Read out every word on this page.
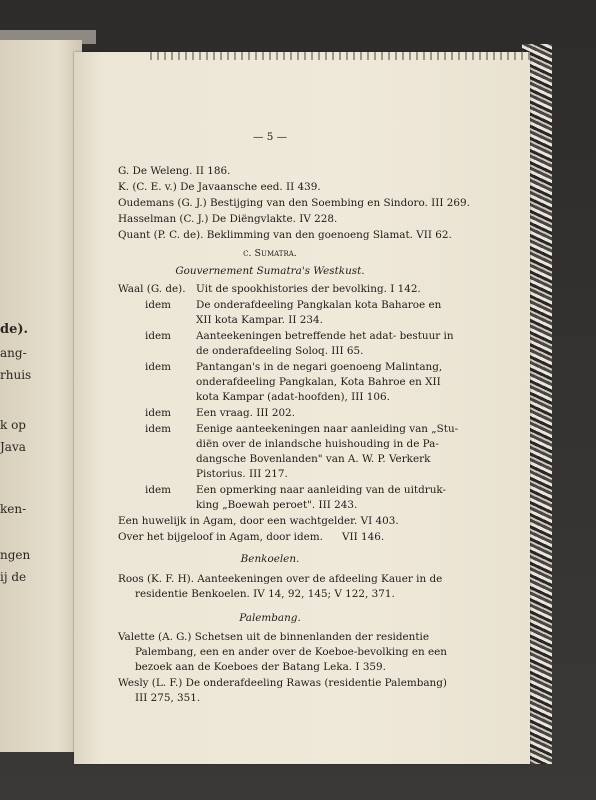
de).
ang-
rhuis
k op
Java
ken-
ngen
ij de
— 5 —
G. De Weleng. II 186.
K. (C. E. v.) De Javaansche eed. II 439.
Oudemans (G. J.) Bestijging van den Soembing en Sindoro. III 269.
Hasselman (C. J.) De Diëngvlakte. IV 228.
Quant (P. C. de). Beklimming van den goenoeng Slamat. VII 62.
c. Sumatra.
Gouvernement Sumatra's Westkust.
Waal (G. de). Uit de spookhistories der bevolking. I 142.
idem De onderafdeeling Pangkalan kota Baharoe en
XII kota Kampar. II 234.
idem Aanteekeningen betreffende het adat- bestuur in
de onderafdeeling Soloq. III 65.
idem Pantangan's in de negari goenoeng Malintang,
onderafdeeling Pangkalan, Kota Bahroe en XII
kota Kampar (adat-hoofden), III 106.
idem Een vraag. III 202.
idem Eenige aanteekeningen naar aanleiding van „Stu-
diën over de inlandsche huishouding in de Pa-
dangsche Bovenlanden" van A. W. P. Verkerk
Pistorius. III 217.
idem Een opmerking naar aanleiding van de uitdruk-
king „Boewah peroet". III 243.
Een huwelijk in Agam, door een wachtgelder. VI 403.
Over het bijgeloof in Agam, door idem. VII 146.
Benkoelen.
Roos (K. F. H). Aanteekeningen over de afdeeling Kauer in de
residentie Benkoelen. IV 14, 92, 145; V 122, 371.
Palembang.
Valette (A. G.) Schetsen uit de binnenlanden der residentie
Palembang, een en ander over de Koeboe-bevolking en een
bezoek aan de Koeboes der Batang Leka. I 359.
Wesly (L. F.) De onderafdeeling Rawas (residentie Palembang)
III 275, 351.
